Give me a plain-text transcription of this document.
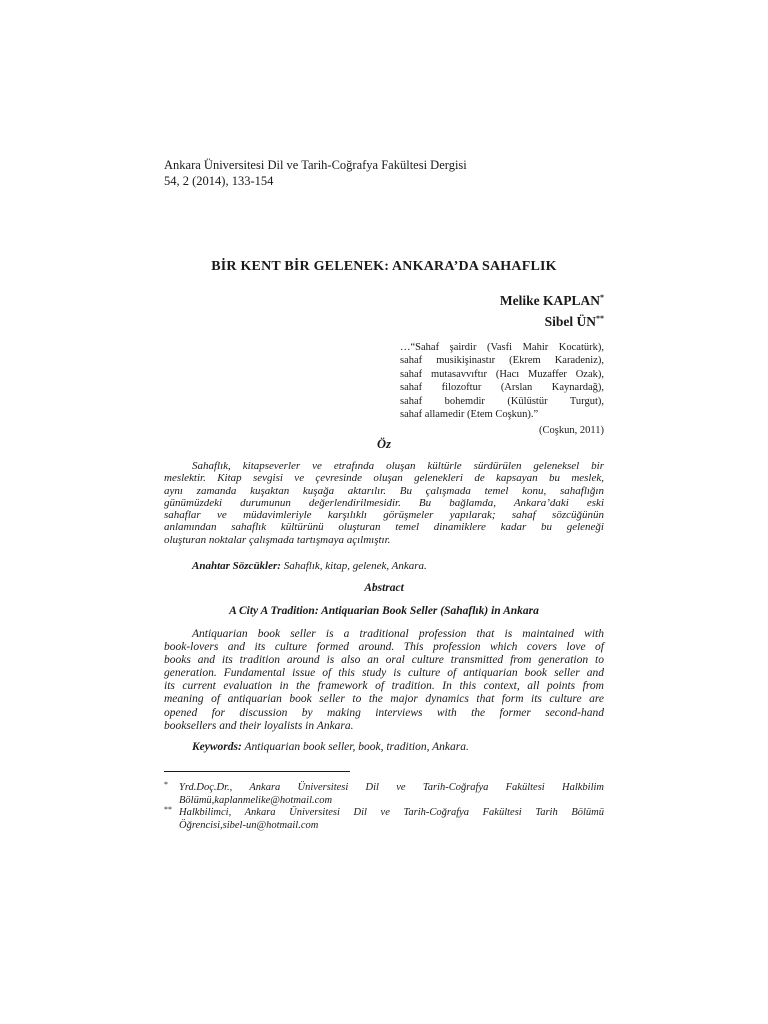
Ankara Üniversitesi Dil ve Tarih-Coğrafya Fakültesi Dergisi
54, 2 (2014), 133-154
BİR KENT BİR GELENEK: ANKARA’DA SAHAFLIK
Melike KAPLAN*
Sibel ÜN**
…“Sahaf şairdir (Vasfi Mahir Kocatürk),
sahaf musikişinastır (Ekrem Karadeniz),
sahaf mutasavvıftır (Hacı Muzaffer Ozak),
sahaf filozoftur (Arslan Kaynardağ),
sahaf bohemdir (Külüstür Turgut),
sahaf allamedir (Etem Coşkun).”
(Coşkun, 2011)
Öz
Sahaflık, kitapseverler ve etrafında oluşan kültürle sürdürülen geleneksel bir
meslektir. Kitap sevgisi ve çevresinde oluşan gelenekleri de kapsayan bu meslek,
aynı zamanda kuşaktan kuşağa aktarılır. Bu çalışmada temel konu, sahaflığın
günümüzdeki durumunun değerlendirilmesidir. Bu bağlamda, Ankara’daki eski
sahaflar ve müdavimleriyle karşılıklı görüşmeler yapılarak; sahaf sözcüğünün
anlamından sahaflık kültürünü oluşturan temel dinamiklere kadar bu geleneği
oluşturan noktalar çalışmada tartışmaya açılmıştır.
Anahtar Sözcükler: Sahaflık, kitap, gelenek, Ankara.
Abstract
A City A Tradition: Antiquarian Book Seller (Sahaflık) in Ankara
Antiquarian book seller is a traditional profession that is maintained with
book-lovers and its culture formed around. This profession which covers love of
books and its tradition around is also an oral culture transmitted from generation to
generation. Fundamental issue of this study is culture of antiquarian book seller and
its current evaluation in the framework of tradition. In this context, all points from
meaning of antiquarian book seller to the major dynamics that form its culture are
opened for discussion by making interviews with the former second-hand
booksellers and their loyalists in Ankara.
Keywords: Antiquarian book seller, book, tradition, Ankara.
* Yrd.Doç.Dr., Ankara Üniversitesi Dil ve Tarih-Coğrafya Fakültesi Halkbilim
Bölümü,kaplanmelike@hotmail.com
** Halkbilimci, Ankara Üniversitesi Dil ve Tarih-Coğrafya Fakültesi Tarih Bölümü
Öğrencisi,sibel-un@hotmail.com
